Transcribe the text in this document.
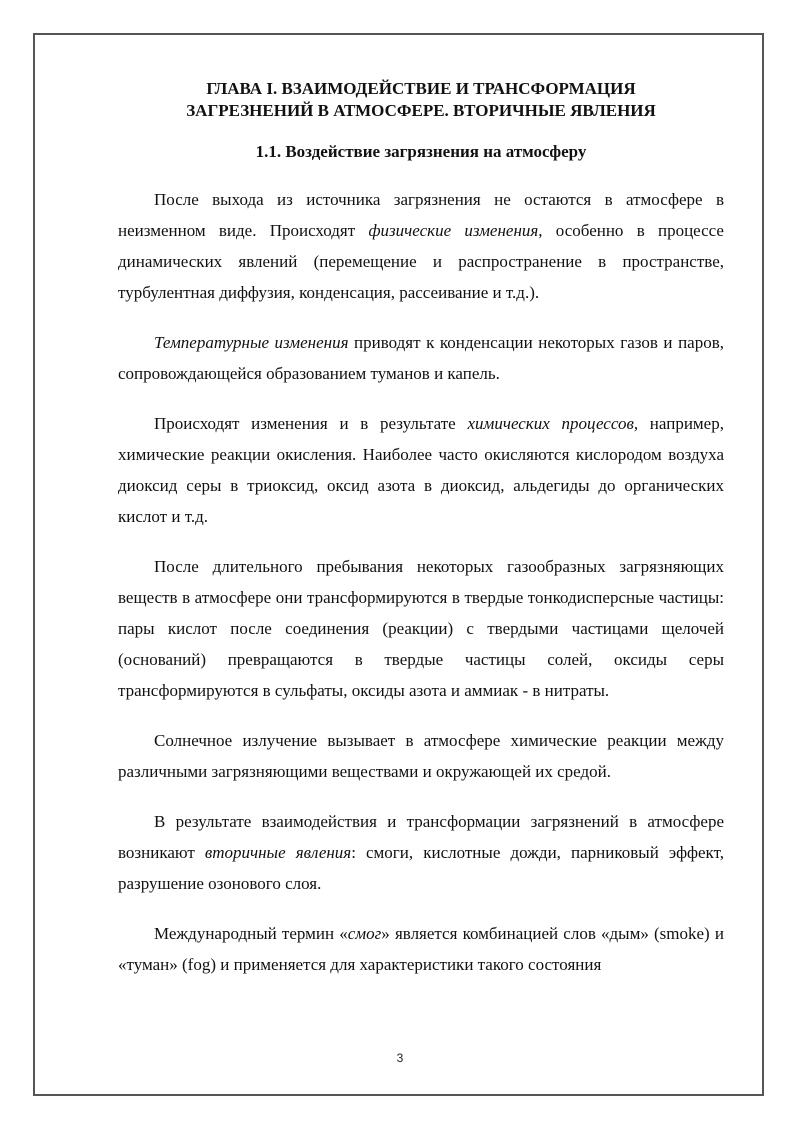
ГЛАВА I. ВЗАИМОДЕЙСТВИЕ И ТРАНСФОРМАЦИЯ
ЗАГРЕЗНЕНИЙ В АТМОСФЕРЕ. ВТОРИЧНЫЕ ЯВЛЕНИЯ
1.1. Воздействие загрязнения на атмосферу

После выхода из источника загрязнения не остаются в атмосфере в неизменном виде. Происходят физические изменения, особенно в процессе динамических явлений (перемещение и распространение в пространстве, турбулентная диффузия, конденсация, рассеивание и т.д.).

Температурные изменения приводят к конденсации некоторых газов и паров, сопровождающейся образованием туманов и капель.

Происходят изменения и в результате химических процессов, например, химические реакции окисления. Наиболее часто окисляются кислородом воздуха диоксид серы в триоксид, оксид азота в диоксид, альдегиды до органических кислот и т.д.

После длительного пребывания некоторых газообразных загрязняющих веществ в атмосфере они трансформируются в твердые тонкодисперсные частицы: пары кислот после соединения (реакции) с твердыми частицами щелочей (оснований) превращаются в твердые частицы солей, оксиды серы трансформируются в сульфаты, оксиды азота и аммиак - в нитраты.

Солнечное излучение вызывает в атмосфере химические реакции между различными загрязняющими веществами и окружающей их средой.

В результате взаимодействия и трансформации загрязнений в атмосфере возникают вторичные явления: смоги, кислотные дожди, парниковый эффект, разрушение озонового слоя.

Международный термин «смог» является комбинацией слов «дым» (smoke) и «туман» (fog) и применяется для характеристики такого состояния

3
